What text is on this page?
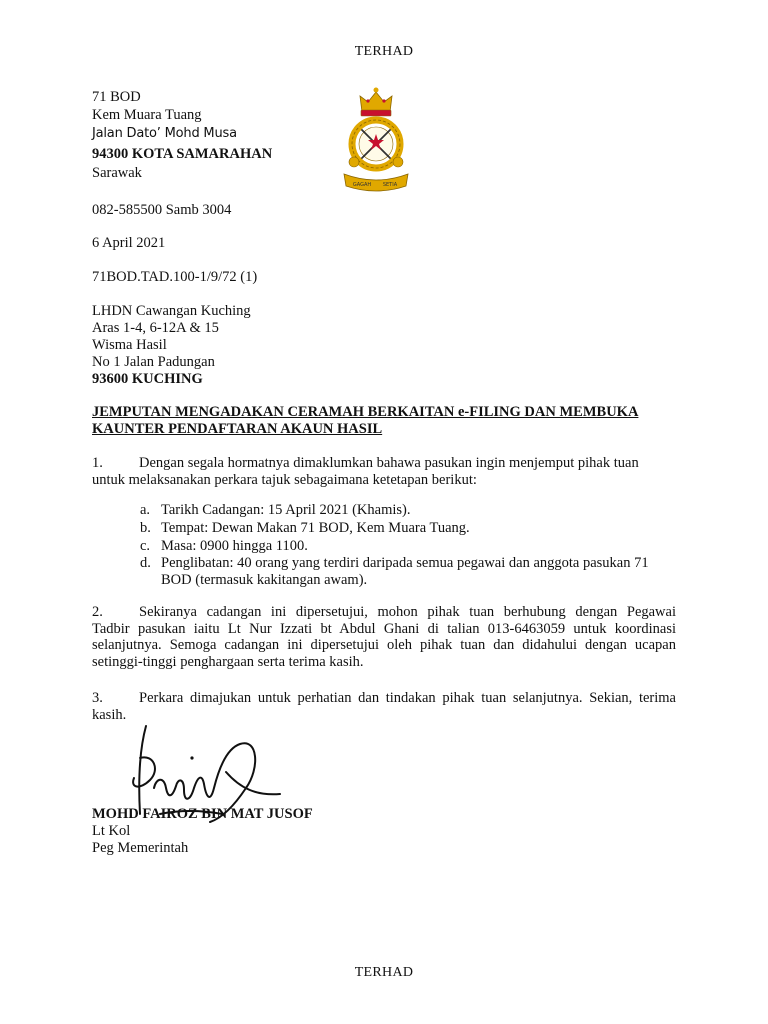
TERHAD
71 BOD
Kem Muara Tuang
Jalan Dato’ Mohd Musa
94300 KOTA SAMARAHAN
Sarawak
082-585500 Samb 3004
GAGAH SETIA
6 April 2021
71BOD.TAD.100-1/9/72 (1)
LHDN Cawangan Kuching
Aras 1-4, 6-12A & 15
Wisma Hasil
No 1 Jalan Padungan
93600 KUCHING
JEMPUTAN MENGADAKAN CERAMAH BERKAITAN e-FILING DAN MEMBUKA
KAUNTER PENDAFTARAN AKAUN HASIL
1.	Dengan segala hormatnya dimaklumkan bahawa pasukan ingin menjemput pihak tuan
untuk melaksanakan perkara tajuk sebagaimana ketetapan berikut:
a. Tarikh Cadangan: 15 April 2021 (Khamis).
b. Tempat: Dewan Makan 71 BOD, Kem Muara Tuang.
c. Masa: 0900 hingga 1100.
d. Penglibatan: 40 orang yang terdiri daripada semua pegawai dan anggota pasukan 71 BOD (termasuk kakitangan awam).
2.	Sekiranya cadangan ini dipersetujui, mohon pihak tuan berhubung dengan Pegawai
Tadbir pasukan iaitu Lt Nur Izzati bt Abdul Ghani di talian 013-6463059 untuk koordinasi selanjutnya. Semoga cadangan ini dipersetujui oleh pihak tuan dan didahului dengan ucapan setinggi-tinggi penghargaan serta terima kasih.
3.	Perkara dimajukan untuk perhatian dan tindakan pihak tuan selanjutnya. Sekian, terima
kasih.
MOHD FAIROZ BIN MAT JUSOF
Lt Kol
Peg Memerintah
TERHAD
